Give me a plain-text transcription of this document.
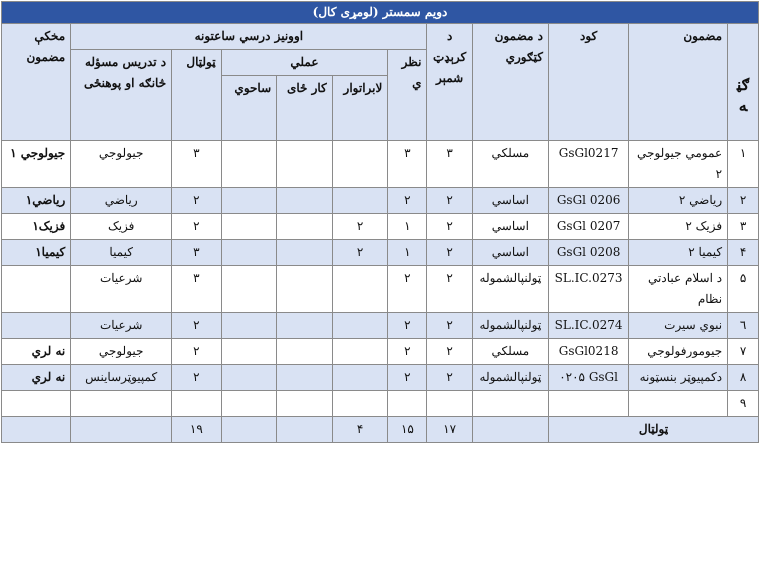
دویم سمستر (لومړی کال)											
ګڼه	مضمون	کود	د مضمون کټګوري	د کرېډټ شمېر	اوونیز درسي ساعتونه						مخکې مضمون
					نظري	عملي			ټولټال	د تدریس مسؤله څانګه او پوهنځی	
						لابراتوار	کار ځای	ساحوي			
۱	عمومي جیولوجي ۲	GsGl0217	مسلکي	۳	۳				۳	جیولوجي	جیولوجي ۱
۲	ریاضي ۲	GsGl 0206	اساسي	۲	۲				۲	ریاضي	ریاضي۱
۳	فزیک ۲	GsGl 0207	اساسي	۲	۱	۲			۲	فزیک	فزیک۱
۴	کیمیا ۲	GsGl 0208	اساسي	۲	۱	۲			۳	کیمیا	کیمیا۱
۵	د اسلام عبادتي نظام	SL.IC.0273	ټولنپالشموله	۲	۲				۳	شرعیات	
٦	نبوي سیرت	SL.IC.0274	ټولنپالشموله	۲	۲				۲	شرعیات	
۷	جیومورفولوجي	GsGl0218	مسلکي	۲	۲				۲	جیولوجي	نه لري
۸	دکمپیوټر بنسټونه	۰۲۰۵ GsGl	ټولنپالشموله	۲	۲				۲	کمپیوټرساینس	نه لري
۹											
ټولټال				۱۷	۱۵	۴			۱۹		
